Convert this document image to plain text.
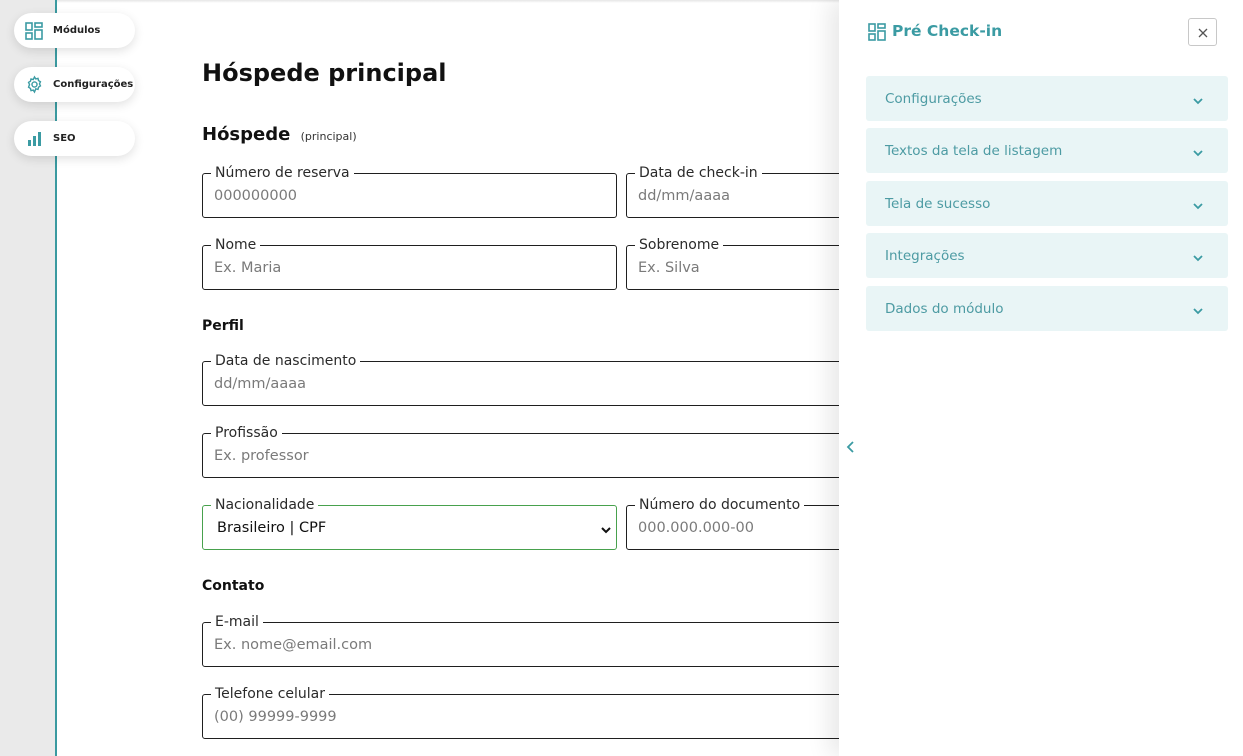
Módulos
Configurações
SEO
Hóspede principal
Hóspede (principal)
Número de reserva
000000000
Data de check-in
dd/mm/aaaa
Nome
Ex. Maria
Sobrenome
Ex. Silva
Perfil
Data de nascimento
dd/mm/aaaa
Profissão
Ex. professor
Nacionalidade
Brasileiro | CPF
Número do documento
000.000.000-00
Contato
E-mail
Ex. nome@email.com
Telefone celular
(00) 99999-9999
Pré Check-in
Configurações
Textos da tela de listagem
Tela de sucesso
Integrações
Dados do módulo
